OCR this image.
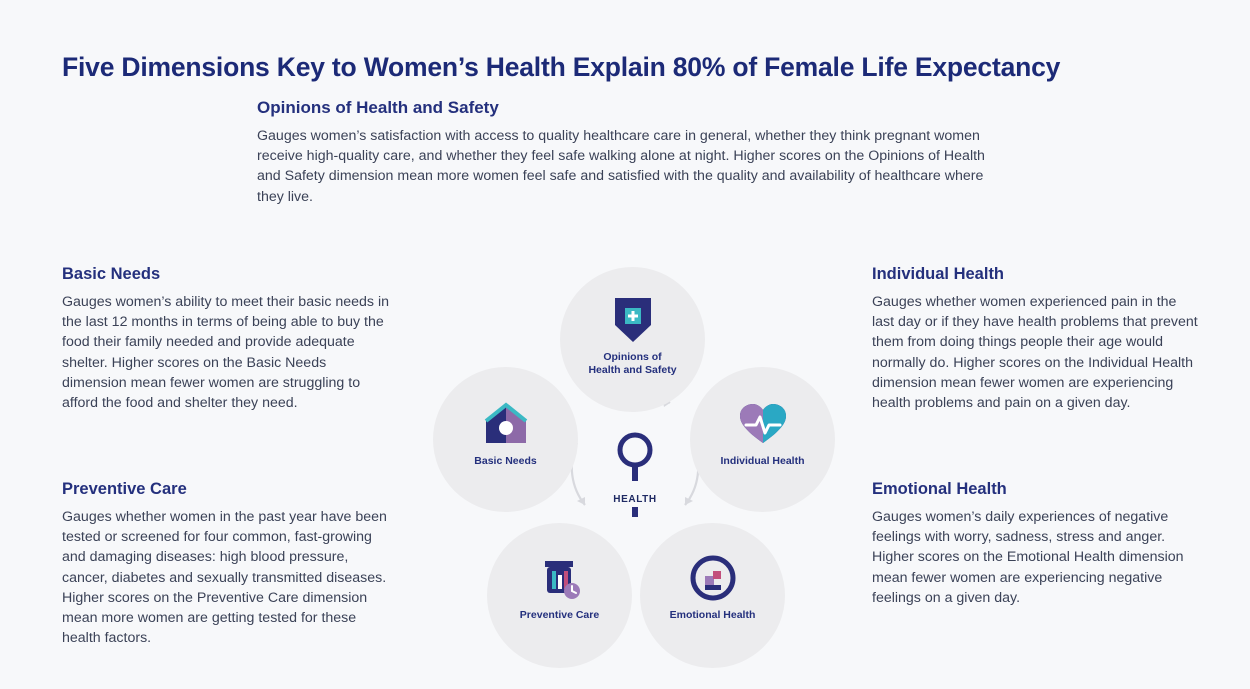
Five Dimensions Key to Women’s Health Explain 80% of Female Life Expectancy
Opinions of Health and Safety

Gauges women’s satisfaction with access to quality healthcare care in general, whether they think pregnant women receive high-quality care, and whether they feel safe walking alone at night. Higher scores on the Opinions of Health and Safety dimension mean more women feel safe and satisfied with the quality and availability of healthcare where they live.

Basic Needs

Gauges women’s ability to meet their basic needs in the last 12 months in terms of being able to buy the food their family needed and provide adequate shelter. Higher scores on the Basic Needs dimension mean fewer women are struggling to afford the food and shelter they need.

Preventive Care

Gauges whether women in the past year have been tested or screened for four common, fast-growing and damaging diseases: high blood pressure, cancer, diabetes and sexually transmitted diseases. Higher scores on the Preventive Care dimension mean more women are getting tested for these health factors.

Individual Health

Gauges whether women experienced pain in the last day or if they have health problems that prevent them from doing things people their age would normally do. Higher scores on the Individual Health dimension mean fewer women are experiencing health problems and pain on a given day.

Emotional Health

Gauges women’s daily experiences of negative feelings with worry, sadness, stress and anger. Higher scores on the Emotional Health dimension mean fewer women are experiencing negative feelings on a given day.

Opinions of
Health and Safety
Basic Needs	Individual Health
Preventive Care	Emotional Health
HEALTH
